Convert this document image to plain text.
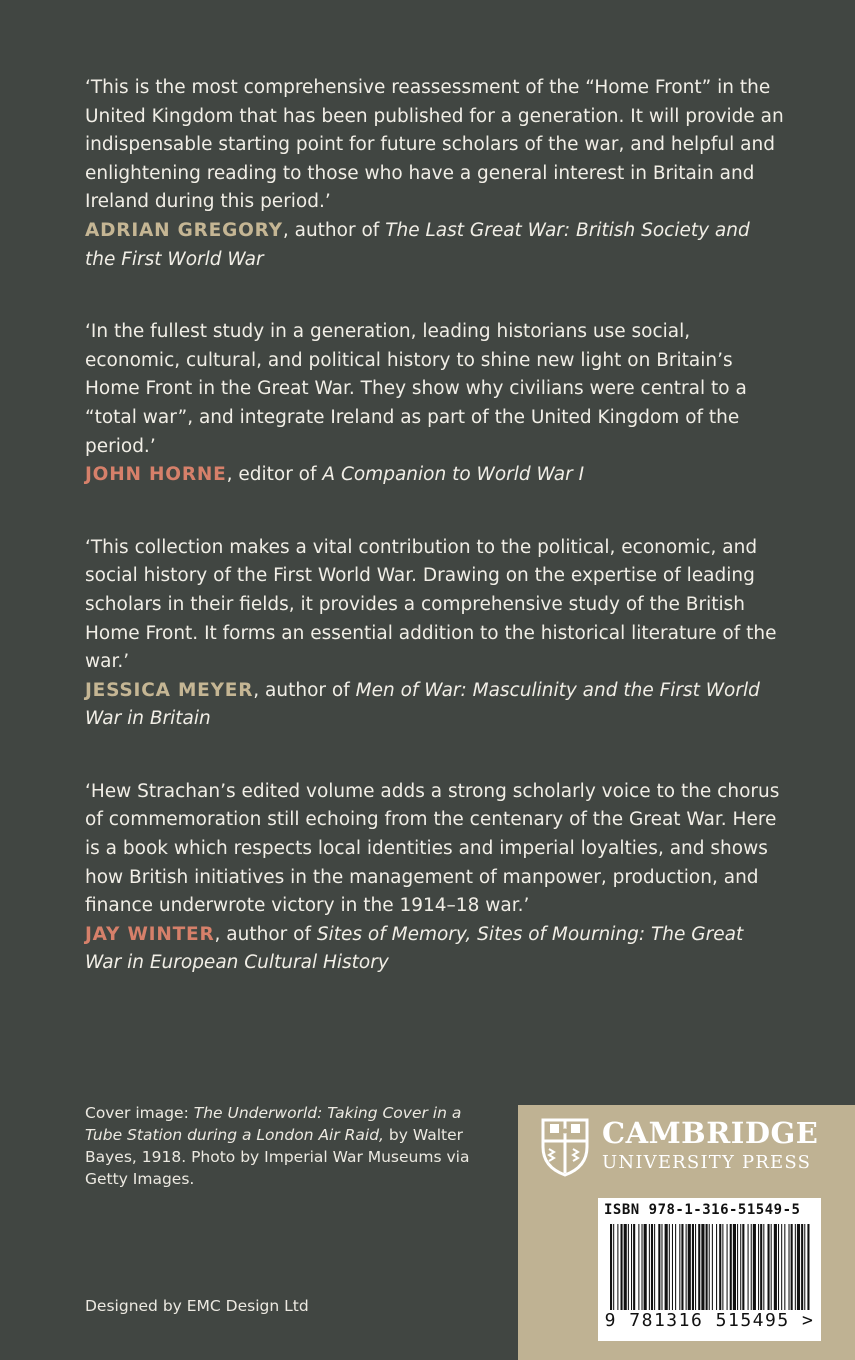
‘This is the most comprehensive reassessment of the “Home Front” in the United Kingdom that has been published for a generation. It will provide an indispensable starting point for future scholars of the war, and helpful and enlightening reading to those who have a general interest in Britain and Ireland during this period.’

ADRIAN GREGORY, author of The Last Great War: British Society and the First World War

‘In the fullest study in a generation, leading historians use social, economic, cultural, and political history to shine new light on Britain’s Home Front in the Great War. They show why civilians were central to a “total war”, and integrate Ireland as part of the United Kingdom of the period.’

JOHN HORNE, editor of A Companion to World War I

‘This collection makes a vital contribution to the political, economic, and social history of the First World War. Drawing on the expertise of leading scholars in their fields, it provides a comprehensive study of the British Home Front. It forms an essential addition to the historical literature of the war.’

JESSICA MEYER, author of Men of War: Masculinity and the First World War in Britain

‘Hew Strachan’s edited volume adds a strong scholarly voice to the chorus of commemoration still echoing from the centenary of the Great War. Here is a book which respects local identities and imperial loyalties, and shows how British initiatives in the management of manpower, production, and finance underwrote victory in the 1914–18 war.’

JAY WINTER, author of Sites of Memory, Sites of Mourning: The Great War in European Cultural History

Cover image: The Underworld: Taking Cover in a Tube Station during a London Air Raid, by Walter Bayes, 1918. Photo by Imperial War Museums via Getty Images.
Designed by EMC Design Ltd
CAMBRIDGE
UNIVERSITY PRESS
ISBN 978-1-316-51549-5
9 781316 515495 >
